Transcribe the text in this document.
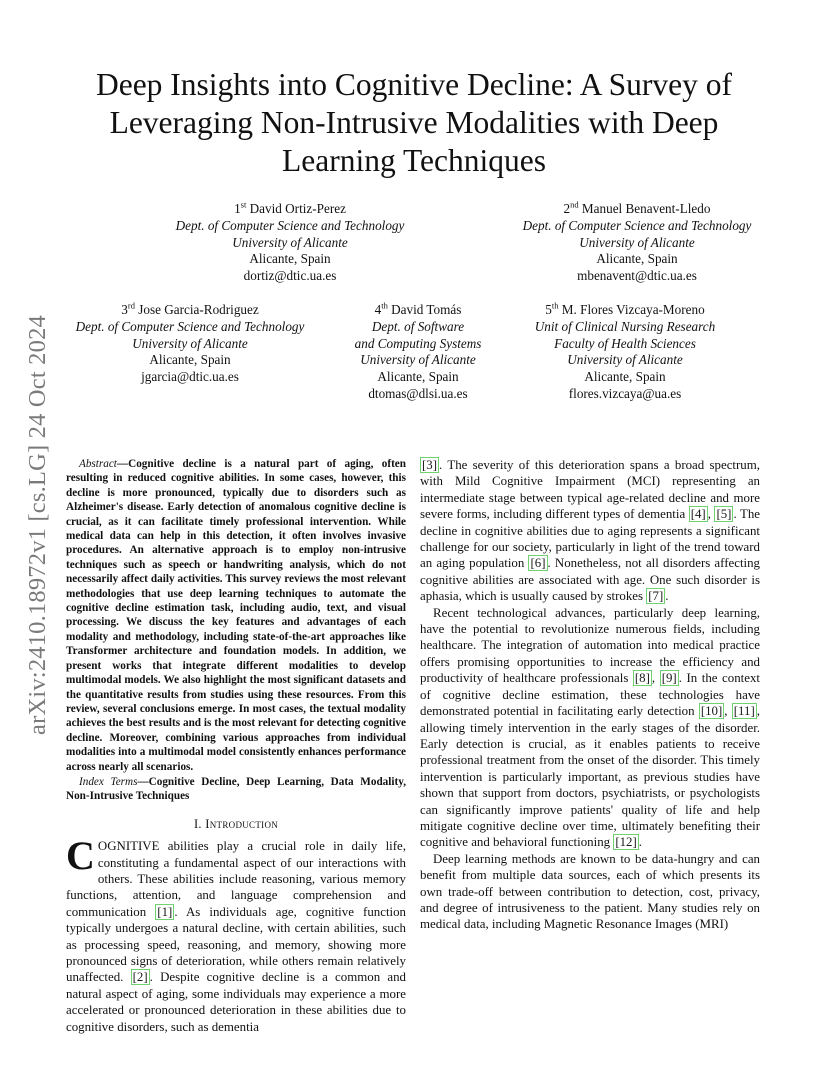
arXiv:2410.18972v1 [cs.LG] 24 Oct 2024
Deep Insights into Cognitive Decline: A Survey of Leveraging Non-Intrusive Modalities with Deep Learning Techniques
1st David Ortiz-Perez
Dept. of Computer Science and Technology
University of Alicante
Alicante, Spain
dortiz@dtic.ua.es
2nd Manuel Benavent-Lledo
Dept. of Computer Science and Technology
University of Alicante
Alicante, Spain
mbenavent@dtic.ua.es
3rd Jose Garcia-Rodriguez
Dept. of Computer Science and Technology
University of Alicante
Alicante, Spain
jgarcia@dtic.ua.es
4th David Tomás
Dept. of Software
and Computing Systems
University of Alicante
Alicante, Spain
dtomas@dlsi.ua.es
5th M. Flores Vizcaya-Moreno
Unit of Clinical Nursing Research
Faculty of Health Sciences
University of Alicante
Alicante, Spain
flores.vizcaya@ua.es

Abstract—Cognitive decline is a natural part of aging, often resulting in reduced cognitive abilities. In some cases, however, this decline is more pronounced, typically due to disorders such as Alzheimer's disease. Early detection of anomalous cognitive decline is crucial, as it can facilitate timely professional intervention. While medical data can help in this detection, it often involves invasive procedures. An alternative approach is to employ non-intrusive techniques such as speech or handwriting analysis, which do not necessarily affect daily activities. This survey reviews the most relevant methodologies that use deep learning techniques to automate the cognitive decline estimation task, including audio, text, and visual processing. We discuss the key features and advantages of each modality and methodology, including state-of-the-art approaches like Transformer architecture and foundation models. In addition, we present works that integrate different modalities to develop multimodal models. We also highlight the most significant datasets and the quantitative results from studies using these resources. From this review, several conclusions emerge. In most cases, the textual modality achieves the best results and is the most relevant for detecting cognitive decline. Moreover, combining various approaches from individual modalities into a multimodal model consistently enhances performance across nearly all scenarios.

Index Terms—Cognitive Decline, Deep Learning, Data Modality, Non-Intrusive Techniques

I. Introduction

COGNITIVE abilities play a crucial role in daily life, constituting a fundamental aspect of our interactions with others. These abilities include reasoning, various memory functions, attention, and language comprehension and communication [1] . As individuals age, cognitive function typically undergoes a natural decline, with certain abilities, such as processing speed, reasoning, and memory, showing more pronounced signs of deterioration, while others remain relatively unaffected. [2] . Despite cognitive decline is a common and natural aspect of aging, some individuals may experience a more accelerated or pronounced deterioration in these abilities due to cognitive disorders, such as dementia

[3] . The severity of this deterioration spans a broad spectrum, with Mild Cognitive Impairment (MCI) representing an intermediate stage between typical age-related decline and more severe forms, including different types of dementia [4] , [5] . The decline in cognitive abilities due to aging represents a significant challenge for our society, particularly in light of the trend toward an aging population [6] . Nonetheless, not all disorders affecting cognitive abilities are associated with age. One such disorder is aphasia, which is usually caused by strokes [7] .

Recent technological advances, particularly deep learning, have the potential to revolutionize numerous fields, including healthcare. The integration of automation into medical practice offers promising opportunities to increase the efficiency and productivity of healthcare professionals [8] , [9] . In the context of cognitive decline estimation, these technologies have demonstrated potential in facilitating early detection [10] , [11] , allowing timely intervention in the early stages of the disorder. Early detection is crucial, as it enables patients to receive professional treatment from the onset of the disorder. This timely intervention is particularly important, as previous studies have shown that support from doctors, psychiatrists, or psychologists can significantly improve patients' quality of life and help mitigate cognitive decline over time, ultimately benefiting their cognitive and behavioral functioning [12] .

Deep learning methods are known to be data-hungry and can benefit from multiple data sources, each of which presents its own trade-off between contribution to detection, cost, privacy, and degree of intrusiveness to the patient. Many studies rely on medical data, including Magnetic Resonance Images (MRI)
